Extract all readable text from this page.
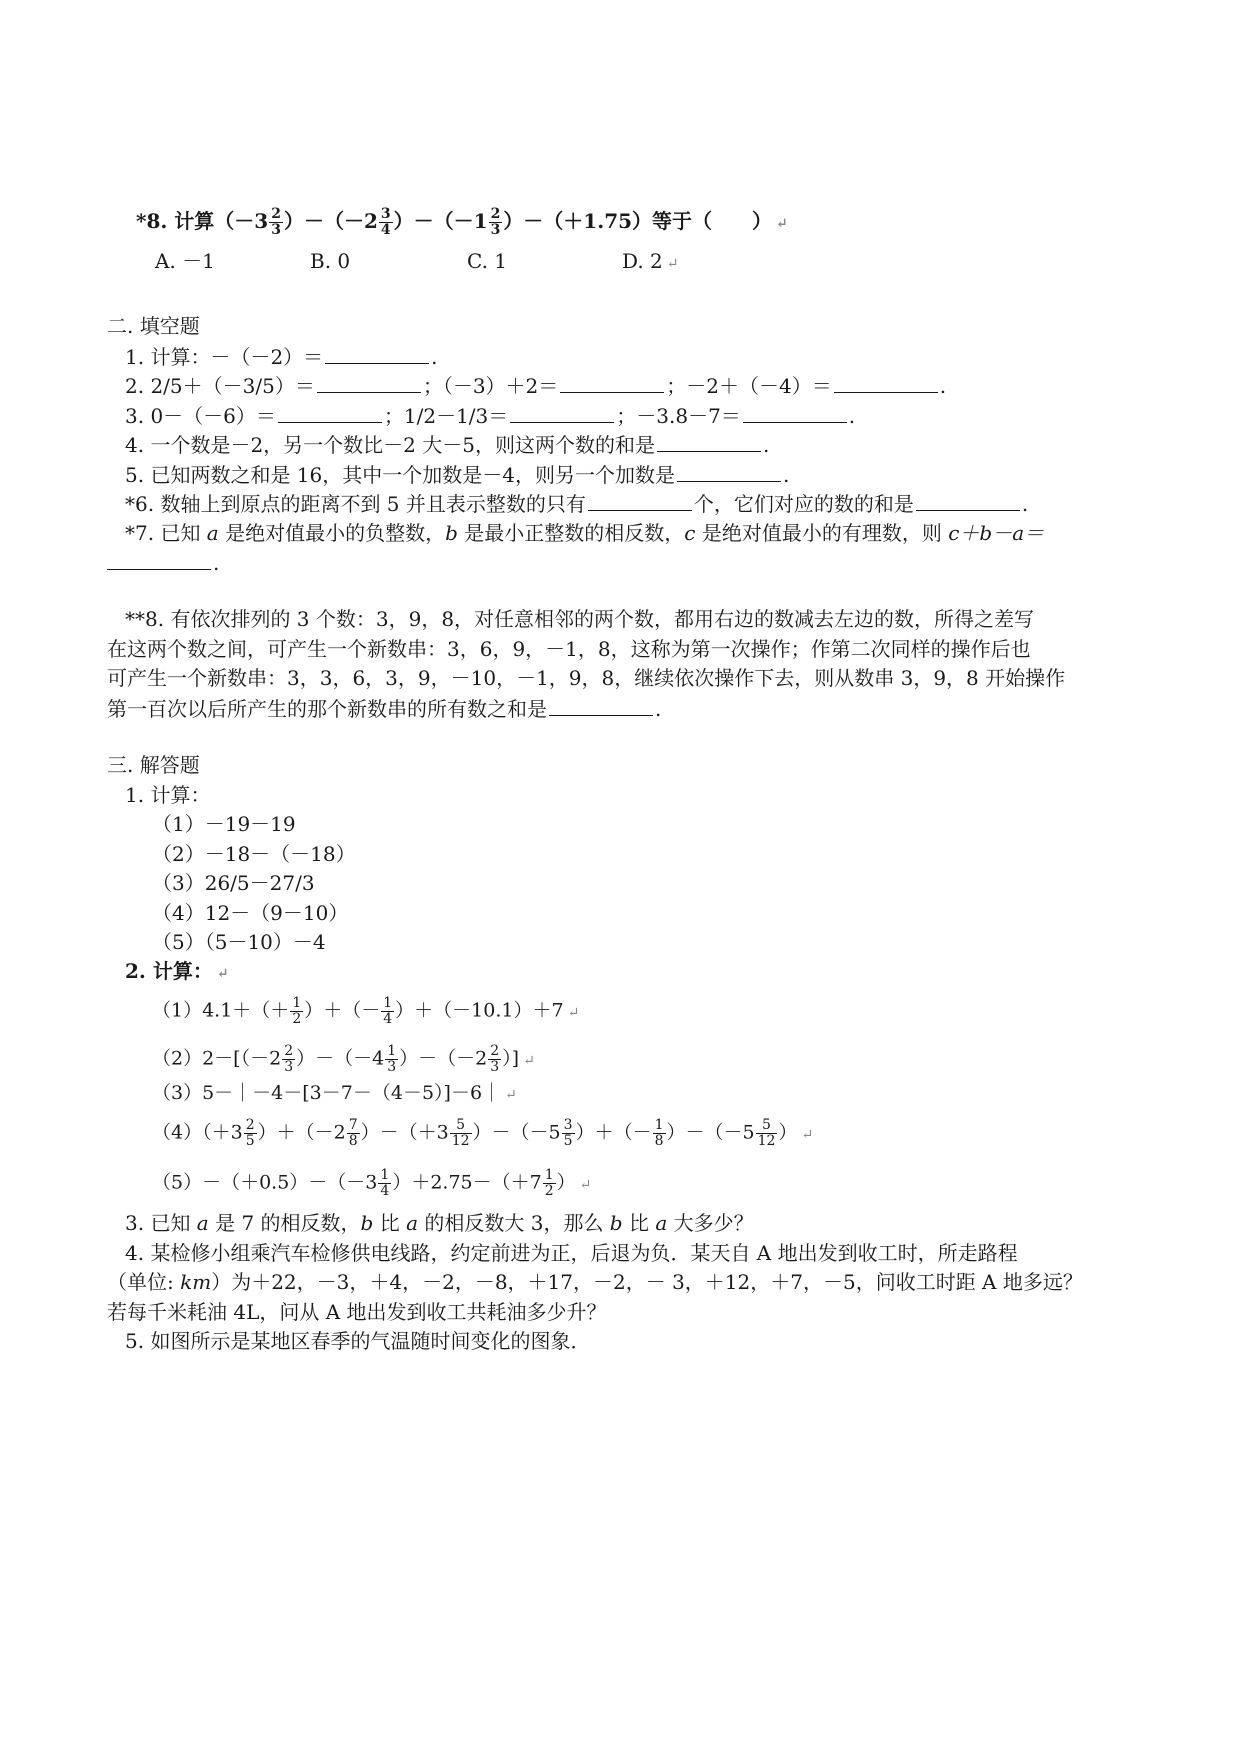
*8. 计算$(-3 \frac{2}{3} )-(-2 \frac{3}{4} )-(-1 \frac{2}{3} )-(+1.75)$等于（　　） ↵
A. －1	B. 0	C. 1	D. 2 ↵
二. 填空题
1. 计算：－（－2）＝	.
2. 2/5＋（－3/5）＝	；（－3）＋2＝	；－2＋（－4）＝	.
3. 0－（－6）＝	；1/2－1/3＝	；－3.8－7＝	.
4. 一个数是－2，另一个数比－2 大－5，则这两个数的和是	.
5. 已知两数之和是 16，其中一个加数是－4，则另一个加数是	.
*6. 数轴上到原点的距离不到 5 并且表示整数的只有	个，它们对应的数的和是	.
*7. 已知 a 是绝对值最小的负整数，b 是最小正整数的相反数，c 是绝对值最小的有理数，则 c＋b－a＝
.
**8. 有依次排列的 3 个数：3，9，8，对任意相邻的两个数，都用右边的数减去左边的数，所得之差写
在这两个数之间，可产生一个新数串：3，6，9，－1，8，这称为第一次操作；作第二次同样的操作后也
可产生一个新数串：3，3，6，3，9，－10，－1，9，8，继续依次操作下去，则从数串 3，9，8 开始操作
第一百次以后所产生的那个新数串的所有数之和是	.
三. 解答题
1. 计算：
（1）－19－19
（2）－18－（－18）
（3）26/5－27/3
（4）12－（9－10）
（5）（5－10）－4
2. 计算： ↵
$(1)4.1+(+ \frac{1}{2}$ ）＋（－ $\frac{1}{4} )+(-10.1)+7$ ↵
$(2)2-[(-2 \frac{2}{3} )-(-4 \frac{1}{3} )-(-2 \frac{2}{3}$ ）] ↵
（3）5－｜－4－[3－7－（4－5）]－6｜ ↵
$(4)(+3 \frac{2}{5} )+(-2 \frac{7}{8} )-(+3 \frac{5}{12} )-(-5 \frac{3}{5}$ ）＋（－ $\frac{1}{8} )-(-5 \frac{5}{12}$ ） ↵
$(5)-(+0.5)-(-3 \frac{1}{4} )+2.75-(+7 \frac{1}{2}$ ） ↵
3. 已知 a 是 7 的相反数，b 比 a 的相反数大 3，那么 b 比 a 大多少？
4. 某检修小组乘汽车检修供电线路，约定前进为正，后退为负．某天自 A 地出发到收工时，所走路程
（单位: km）为＋22，－3，＋4，－2，－8，＋17，－2，－ 3，＋12，＋7，－5，问收工时距 A 地多远？
若每千米耗油 4L，问从 A 地出发到收工共耗油多少升？
5. 如图所示是某地区春季的气温随时间变化的图象．
